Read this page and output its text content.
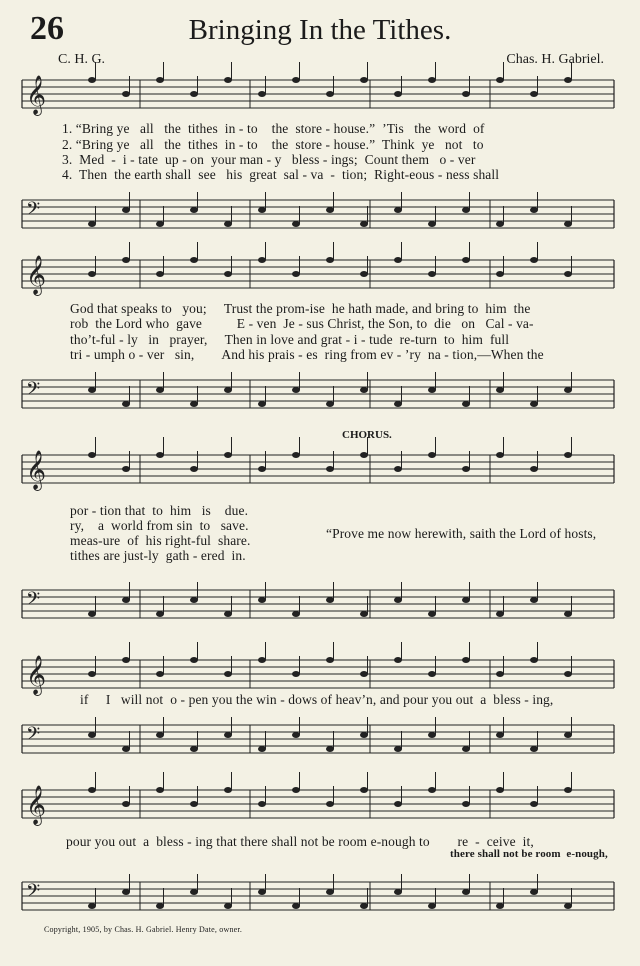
26	Bringing In the Tithes.
C. H. G.	Chas. H. Gabriel.
𝄞
1. “Bring ye   all   the  tithes  in - to    the  store - house.”  ’Tis   the  word  of
2. “Bring ye   all   the  tithes  in - to    the  store - house.”  Think  ye   not   to
3.  Med  -  i - tate  up - on  your man - y   bless - ings;  Count them   o - ver
4.  Then  the earth shall  see   his  great  sal - va  -  tion;  Right-eous - ness shall
𝄢
𝄞
God that speaks to   you;     Trust the prom-ise  he hath made, and bring to  him  the
rob  the Lord who  gave          E - ven  Je - sus Christ, the Son, to  die   on   Cal - va-
tho’t-ful - ly   in   prayer,     Then in love and grat - i - tude  re-turn  to  him  full
tri - umph o - ver   sin,        And his prais - es  ring from ev - ’ry  na - tion,—When the
𝄢
CHORUS.
𝄞
por - tion that  to  him   is    due.
ry,    a  world from sin  to   save.
meas-ure  of  his right-ful  share.
tithes are just-ly  gath - ered  in.
“Prove me now herewith, saith the Lord of hosts,
𝄢
𝄞
if     I   will not  o - pen you the win - dows of heav’n, and pour you out  a  bless - ing,
𝄢
𝄞
pour you out  a  bless - ing that there shall not be room e-nough to        re  -  ceive  it,
there shall not be room  e-nough,
𝄢
Copyright, 1905, by Chas. H. Gabriel. Henry Date, owner.
